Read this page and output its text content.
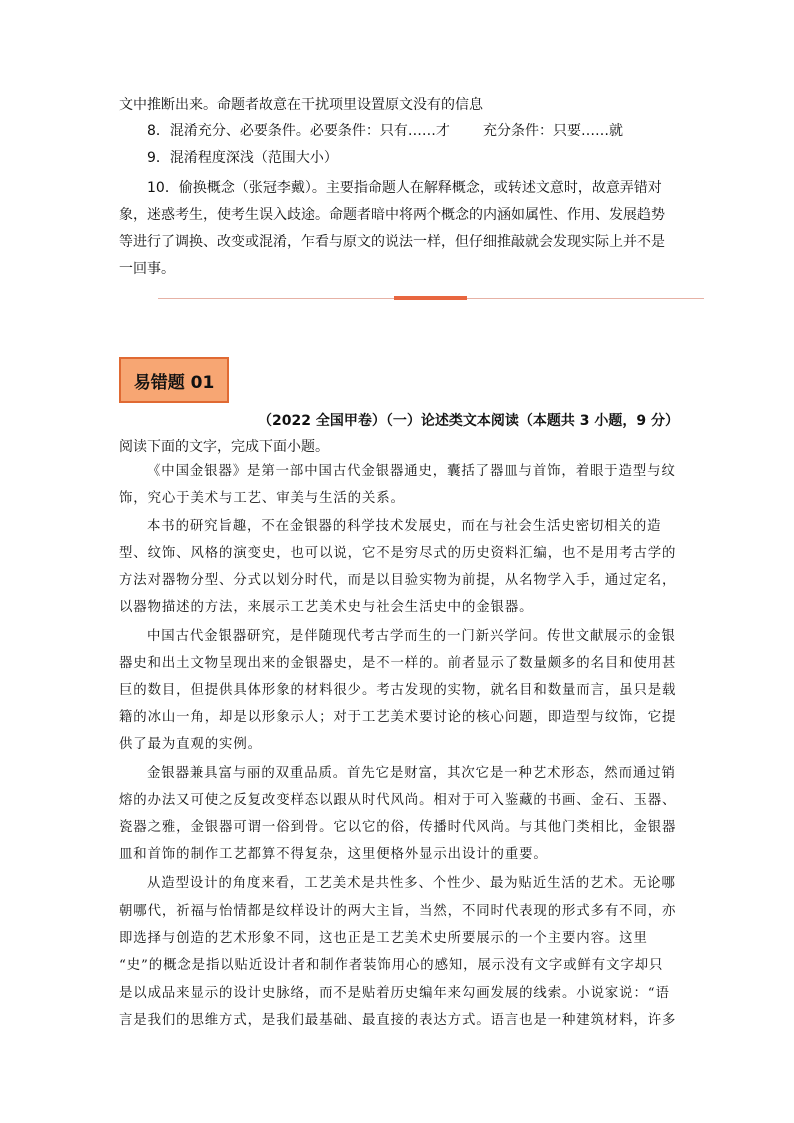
文中推断出来。命题者故意在干扰项里设置原文没有的信息
8．混淆充分、必要条件。必要条件：只有……才 充分条件：只要……就
9．混淆程度深浅（范围大小）
10．偷换概念（张冠李戴）。主要指命题人在解释概念，或转述文意时，故意弄错对
象，迷惑考生，使考生误入歧途。命题者暗中将两个概念的内涵如属性、作用、发展趋势
等进行了调换、改变或混淆，乍看与原文的说法一样，但仔细推敲就会发现实际上并不是
一回事。
易错题 01
（2022 全国甲卷）（一）论述类文本阅读（本题共 3 小题，9 分）
阅读下面的文字，完成下面小题。
《中国金银器》是第一部中国古代金银器通史，囊括了器皿与首饰，着眼于造型与纹
饰，究心于美术与工艺、审美与生活的关系。
本书的研究旨趣，不在金银器的科学技术发展史，而在与社会生活史密切相关的造
型、纹饰、风格的演变史，也可以说，它不是穷尽式的历史资料汇编，也不是用考古学的
方法对器物分型、分式以划分时代，而是以目验实物为前提，从名物学入手，通过定名，
以器物描述的方法，来展示工艺美术史与社会生活史中的金银器。
中国古代金银器研究，是伴随现代考古学而生的一门新兴学问。传世文献展示的金银
器史和出土文物呈现出来的金银器史，是不一样的。前者显示了数量颇多的名目和使用甚
巨的数目，但提供具体形象的材料很少。考古发现的实物，就名目和数量而言，虽只是载
籍的冰山一角，却是以形象示人；对于工艺美术要讨论的核心问题，即造型与纹饰，它提
供了最为直观的实例。
金银器兼具富与丽的双重品质。首先它是财富，其次它是一种艺术形态，然而通过销
熔的办法又可使之反复改变样态以跟从时代风尚。相对于可入鉴藏的书画、金石、玉器、
瓷器之雅，金银器可谓一俗到骨。它以它的俗，传播时代风尚。与其他门类相比，金银器
皿和首饰的制作工艺都算不得复杂，这里便格外显示出设计的重要。
从造型设计的角度来看，工艺美术是共性多、个性少、最为贴近生活的艺术。无论哪
朝哪代，祈福与怡情都是纹样设计的两大主旨，当然，不同时代表现的形式多有不同，亦
即选择与创造的艺术形象不同，这也正是工艺美术史所要展示的一个主要内容。这里
“史”的概念是指以贴近设计者和制作者装饰用心的感知，展示没有文字或鲜有文字却只
是以成品来显示的设计史脉络，而不是贴着历史编年来勾画发展的线索。小说家说：“语
言是我们的思维方式，是我们最基础、最直接的表达方式。语言也是一种建筑材料，许多
